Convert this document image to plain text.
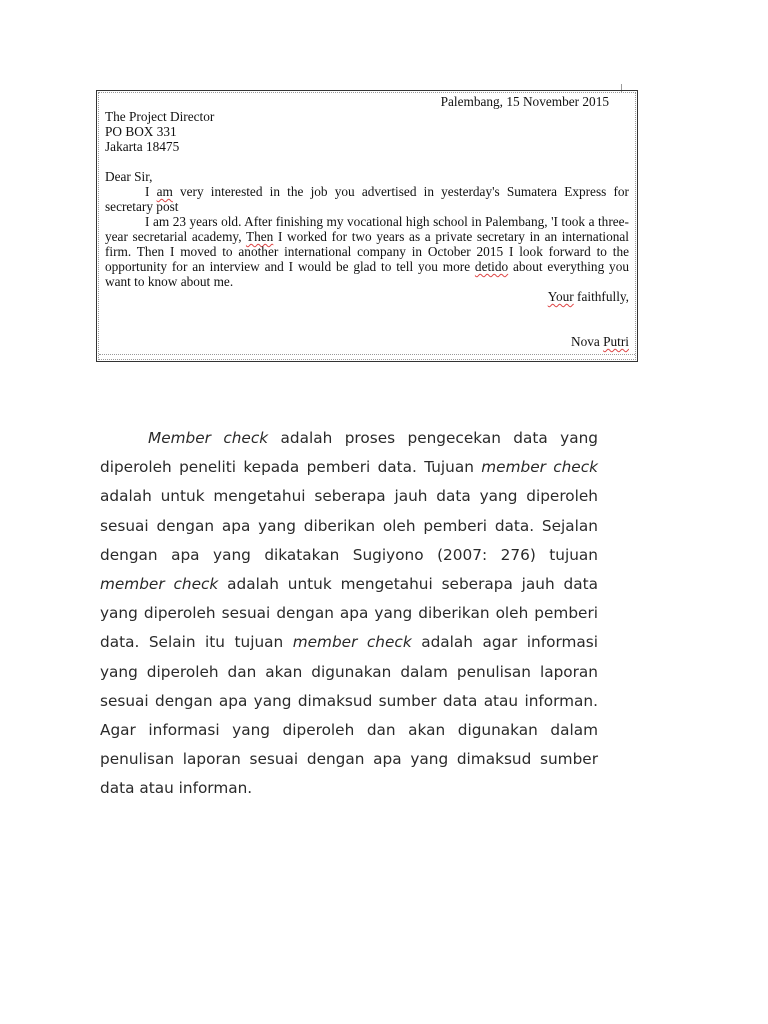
Palembang, 15 November 2015
The Project Director
PO BOX 331
Jakarta 18475
Dear Sir,
I am very interested in the job you advertised in yesterday's Sumatera Express for secretary post
I am 23 years old. After finishing my vocational high school in Palembang, 'I took a three-year secretarial academy, Then I worked for two years as a private secretary in an international firm. Then I moved to another international company in October 2015 I look forward to the opportunity for an interview and I would be glad to tell you more detido about everything you want to know about me.
Your faithfully,
Nova Putri

Member check adalah proses pengecekan data yang diperoleh peneliti kepada pemberi data. Tujuan member check adalah untuk mengetahui seberapa jauh data yang diperoleh sesuai dengan apa yang diberikan oleh pemberi data. Sejalan dengan apa yang dikatakan Sugiyono (2007: 276) tujuan member check adalah untuk mengetahui seberapa jauh data yang diperoleh sesuai dengan apa yang diberikan oleh pemberi data. Selain itu tujuan member check adalah agar informasi yang diperoleh dan akan digunakan dalam penulisan laporan sesuai dengan apa yang dimaksud sumber data atau informan. Agar informasi yang diperoleh dan akan digunakan dalam penulisan laporan sesuai dengan apa yang dimaksud sumber data atau informan.
